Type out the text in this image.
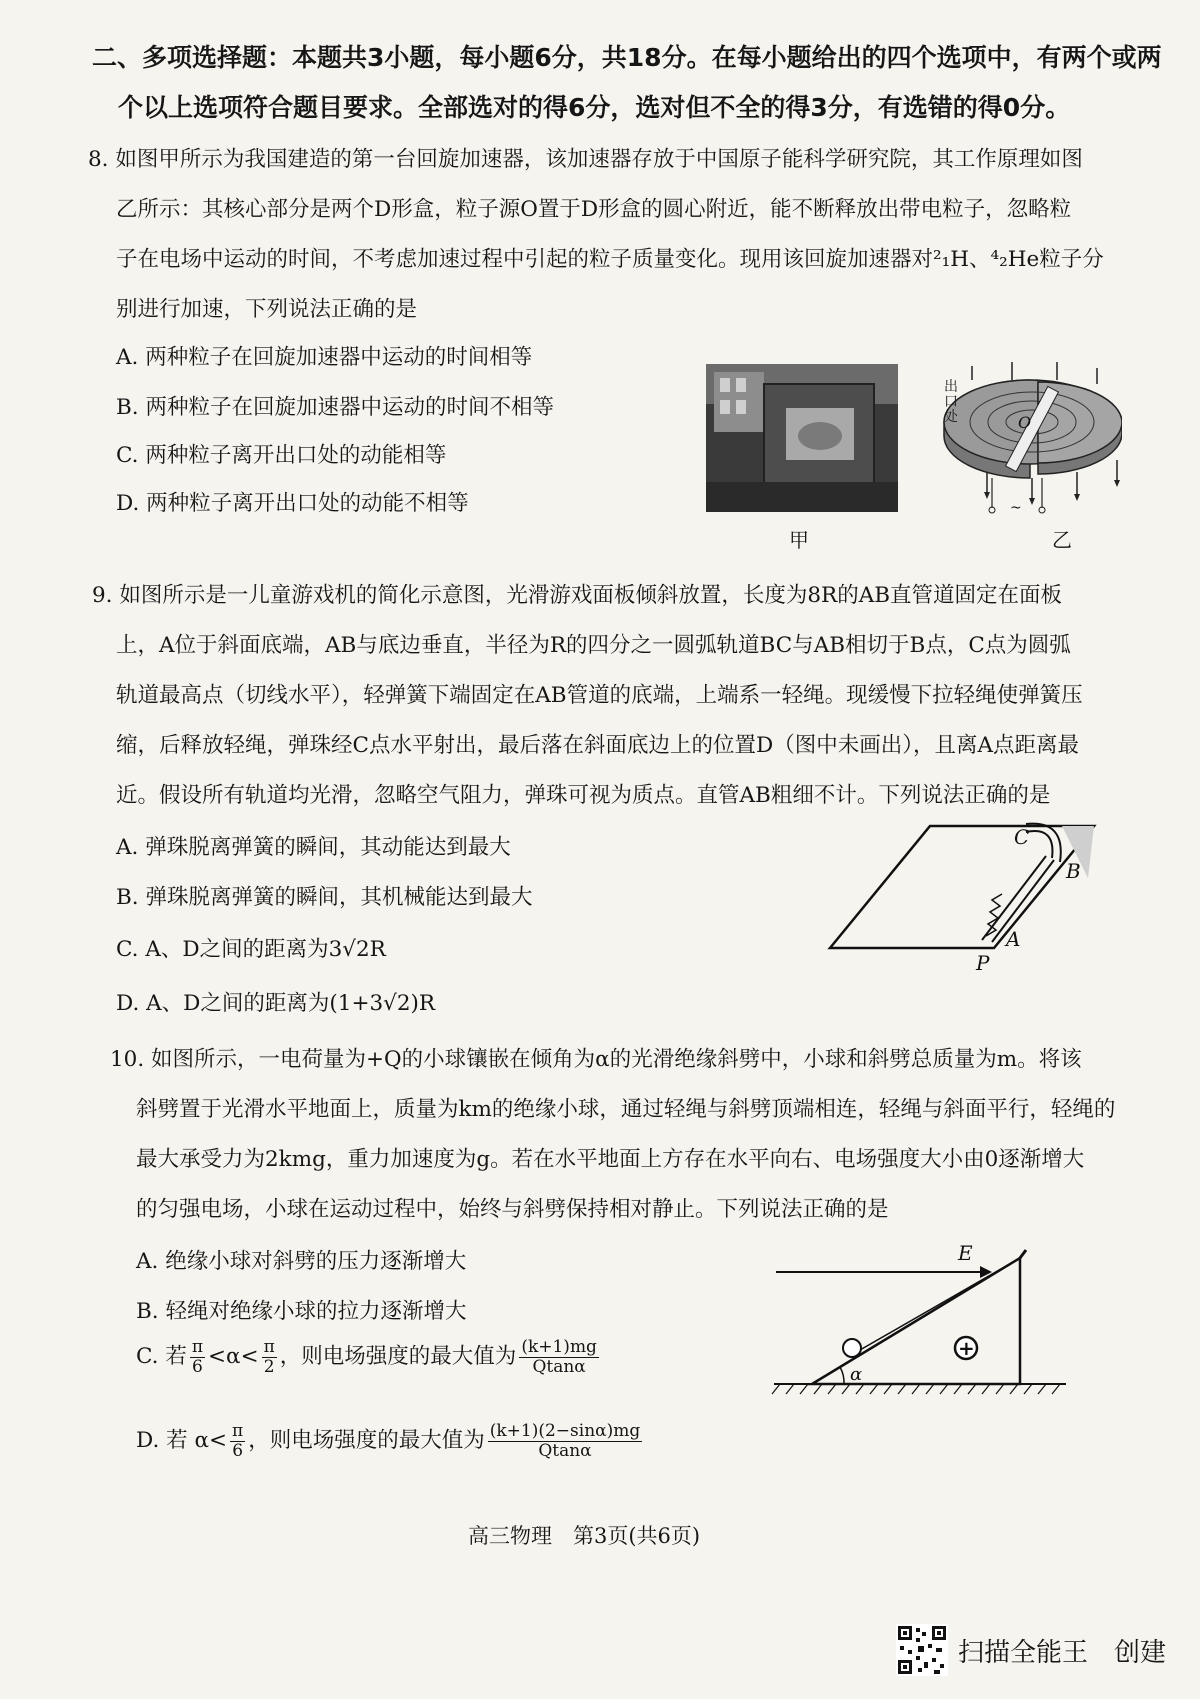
二、多项选择题：本题共3小题，每小题6分，共18分。在每小题给出的四个选项中，有两个或两
个以上选项符合题目要求。全部选对的得6分，选对但不全的得3分，有选错的得0分。
8. 如图甲所示为我国建造的第一台回旋加速器，该加速器存放于中国原子能科学研究院，其工作原理如图
乙所示：其核心部分是两个D形盒，粒子源O置于D形盒的圆心附近，能不断释放出带电粒子，忽略粒
子在电场中运动的时间，不考虑加速过程中引起的粒子质量变化。现用该回旋加速器对²₁H、⁴₂He粒子分
别进行加速，下列说法正确的是
A. 两种粒子在回旋加速器中运动的时间相等
B. 两种粒子在回旋加速器中运动的时间不相等
C. 两种粒子离开出口处的动能相等
D. 两种粒子离开出口处的动能不相等
甲
O
~
出口处
乙
9. 如图所示是一儿童游戏机的简化示意图，光滑游戏面板倾斜放置，长度为8R的AB直管道固定在面板
上，A位于斜面底端，AB与底边垂直，半径为R的四分之一圆弧轨道BC与AB相切于B点，C点为圆弧
轨道最高点（切线水平），轻弹簧下端固定在AB管道的底端，上端系一轻绳。现缓慢下拉轻绳使弹簧压
缩，后释放轻绳，弹珠经C点水平射出，最后落在斜面底边上的位置D（图中未画出），且离A点距离最
近。假设所有轨道均光滑，忽略空气阻力，弹珠可视为质点。直管AB粗细不计。下列说法正确的是
A. 弹珠脱离弹簧的瞬间，其动能达到最大
B. 弹珠脱离弹簧的瞬间，其机械能达到最大
C. A、D之间的距离为3√2R
D. A、D之间的距离为(1+3√2)R
C
B
A
P
10. 如图所示，一电荷量为+Q的小球镶嵌在倾角为α的光滑绝缘斜劈中，小球和斜劈总质量为m。将该
斜劈置于光滑水平地面上，质量为km的绝缘小球，通过轻绳与斜劈顶端相连，轻绳与斜面平行，轻绳的
最大承受力为2kmg，重力加速度为g。若在水平地面上方存在水平向右、电场强度大小由0逐渐增大
的匀强电场，小球在运动过程中，始终与斜劈保持相对静止。下列说法正确的是
A. 绝缘小球对斜劈的压力逐渐增大
B. 轻绳对绝缘小球的拉力逐渐增大
C. 若 $\frac{\pi}{6} <\alpha< \frac{\pi}{2}$ ，则电场强度的最大值为 $\frac{(k+1)mg}{Qtan\alpha}$
D. 若 $\alpha< \frac{\pi}{6}$ ，则电场强度的最大值为 $\frac{(k+1)(2-\sin\alpha)mg}{Qtan\alpha}$
E
α
+
高三物理　第3页(共6页)
扫描全能王　创建
